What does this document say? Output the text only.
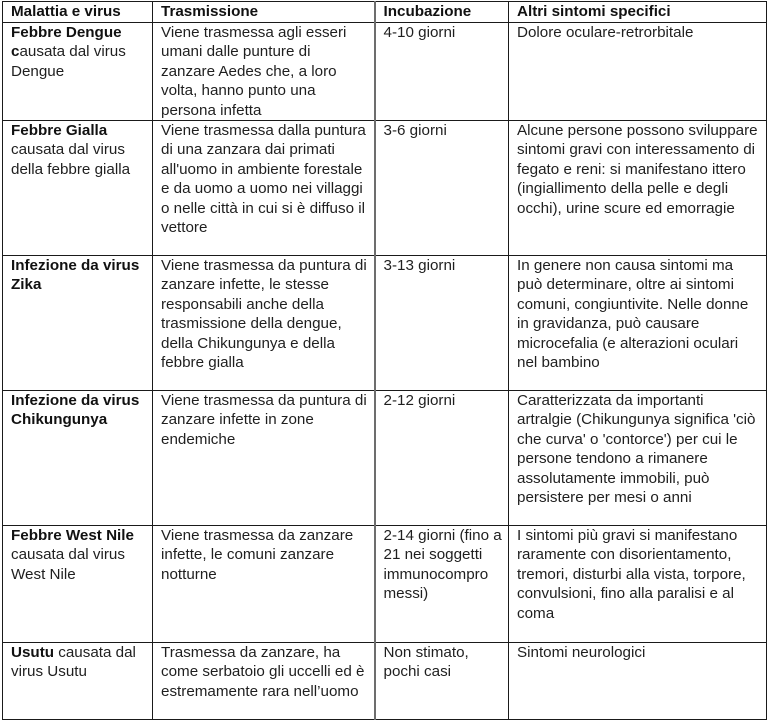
Malattia e virus	Trasmissione	Incubazione	Altri sintomi specifici
Febbre Dengue causata dal virus Dengue	Viene trasmessa agli esseri umani dalle punture di zanzare Aedes che, a loro volta, hanno punto una persona infetta	4-10 giorni	Dolore oculare-retrorbitale
Febbre Gialla causata dal virus della febbre gialla	Viene trasmessa dalla puntura di una zanzara dai primati all'uomo in ambiente forestale e da uomo a uomo nei villaggi o nelle città in cui si è diffuso il vettore	3-6 giorni	Alcune persone possono sviluppare sintomi gravi con interessamento di fegato e reni: si manifestano ittero (ingiallimento della pelle e degli occhi), urine scure ed emorragie
Infezione da virus Zika	Viene trasmessa da puntura di zanzare infette, le stesse responsabili anche della trasmissione della dengue, della Chikungunya e della febbre gialla	3-13 giorni	In genere non causa sintomi ma può determinare, oltre ai sintomi comuni, congiuntivite. Nelle donne in gravidanza, può causare microcefalia (e alterazioni oculari nel bambino
Infezione da virus Chikungunya	Viene trasmessa da puntura di zanzare infette in zone endemiche	2-12 giorni	Caratterizzata da importanti artralgie (Chikungunya significa 'ciò che curva' o 'contorce') per cui le persone tendono a rimanere assolutamente immobili, può persistere per mesi o anni
Febbre West Nile causata dal virus West Nile	Viene trasmessa da zanzare infette, le comuni zanzare notturne	2-14 giorni (fino a 21 nei soggetti immunocompro messi)	I sintomi più gravi si manifestano raramente con disorientamento, tremori, disturbi alla vista, torpore, convulsioni, fino alla paralisi e al coma
Usutu causata dal virus Usutu	Trasmessa da zanzare, ha come serbatoio gli uccelli ed è estremamente rara nell’uomo	Non stimato, pochi casi	Sintomi neurologici
